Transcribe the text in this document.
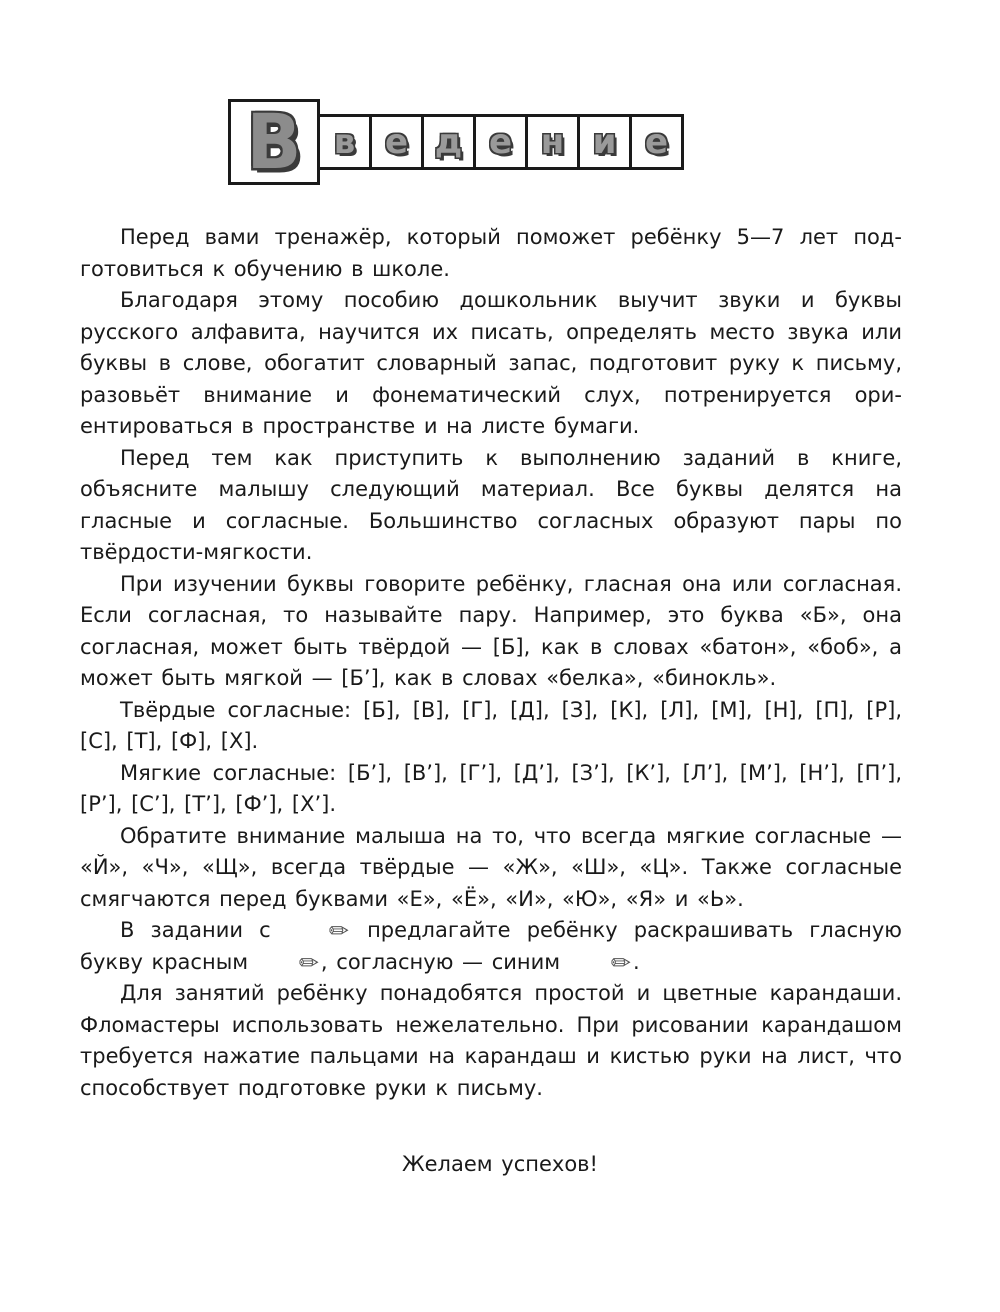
В в е д е н и е

Перед вами тренажёр, который поможет ребёнку 5—7 лет подготовиться к обучению в школе.

Благодаря этому пособию дошкольник выучит звуки и буквы русского алфавита, научится их писать, определять место звука или буквы в слове, обогатит словарный запас, подготовит руку к письму, разовьёт внимание и фонематический слух, потренируется ориентироваться в пространстве и на листе бумаги.

Перед тем как приступить к выполнению заданий в книге, объясните малышу следующий материал. Все буквы делятся на гласные и согласные. Большинство согласных образуют пары по твёрдости-мягкости.

При изучении буквы говорите ребёнку, гласная она или согласная. Если согласная, то называйте пару. Например, это буква «Б», она согласная, может быть твёрдой — [Б], как в словах «батон», «боб», а может быть мягкой — [Б’], как в словах «белка», «бинокль».

Твёрдые согласные: [Б], [В], [Г], [Д], [З], [К], [Л], [М], [Н], [П], [Р], [С], [Т], [Ф], [Х].

Мягкие согласные: [Б’], [В’], [Г’], [Д’], [З’], [К’], [Л’], [М’], [Н’], [П’], [Р’], [С’], [Т’], [Ф’], [Х’].

Обратите внимание малыша на то, что всегда мягкие согласные — «Й», «Ч», «Щ», всегда твёрдые — «Ж», «Ш», «Ц». Также согласные смягчаются перед буквами «Е», «Ё», «И», «Ю», «Я» и «Ь».

В задании с ✏ предлагайте ребёнку раскрашивать гласную букву красным ✏, согласную — синим ✏.

Для занятий ребёнку понадобятся простой и цветные карандаши. Фломастеры использовать нежелательно. При рисовании карандашом требуется нажатие пальцами на карандаш и кистью руки на лист, что способствует подготовке руки к письму.

Желаем успехов!
